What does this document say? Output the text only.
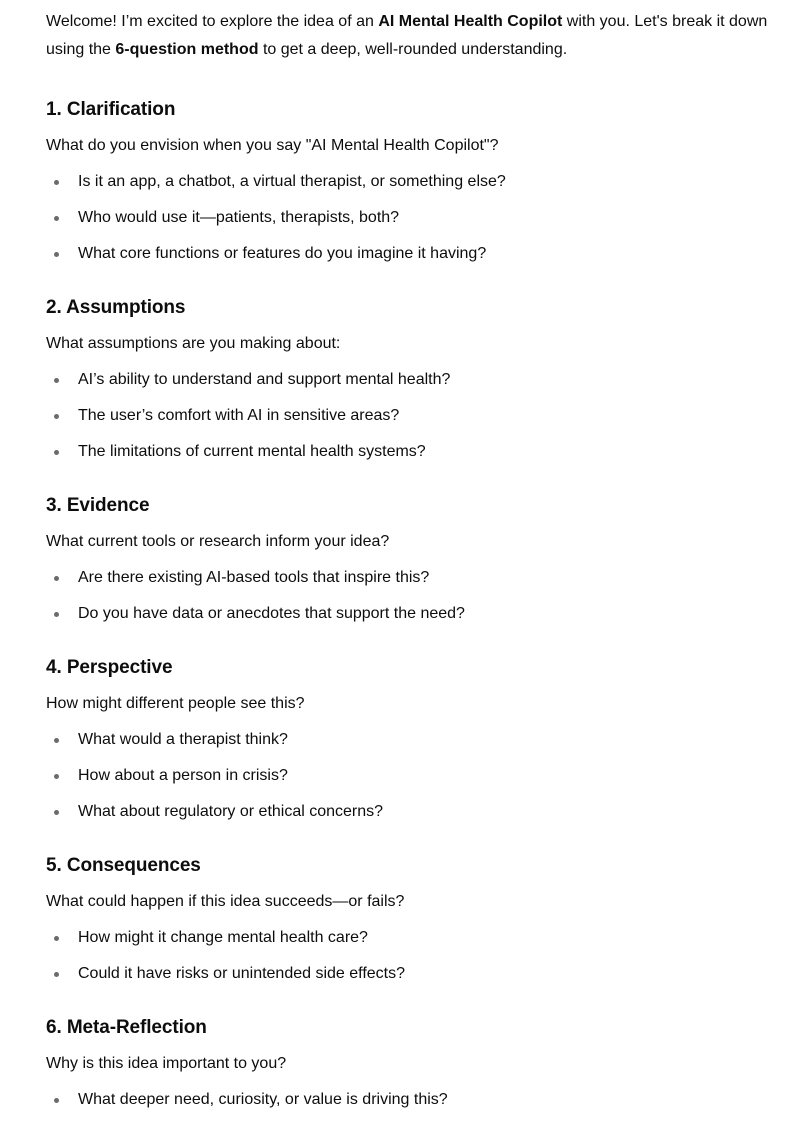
Welcome! I’m excited to explore the idea of an AI Mental Health Copilot with you. Let's break it down using the 6-question method to get a deep, well-rounded understanding.

1. Clarification

What do you envision when you say "AI Mental Health Copilot"?

Is it an app, a chatbot, a virtual therapist, or something else?
Who would use it—patients, therapists, both?
What core functions or features do you imagine it having?
2. Assumptions

What assumptions are you making about:

AI’s ability to understand and support mental health?
The user’s comfort with AI in sensitive areas?
The limitations of current mental health systems?
3. Evidence

What current tools or research inform your idea?

Are there existing AI-based tools that inspire this?
Do you have data or anecdotes that support the need?
4. Perspective

How might different people see this?

What would a therapist think?
How about a person in crisis?
What about regulatory or ethical concerns?
5. Consequences

What could happen if this idea succeeds—or fails?

How might it change mental health care?
Could it have risks or unintended side effects?
6. Meta-Reflection

Why is this idea important to you?

What deeper need, curiosity, or value is driving this?
